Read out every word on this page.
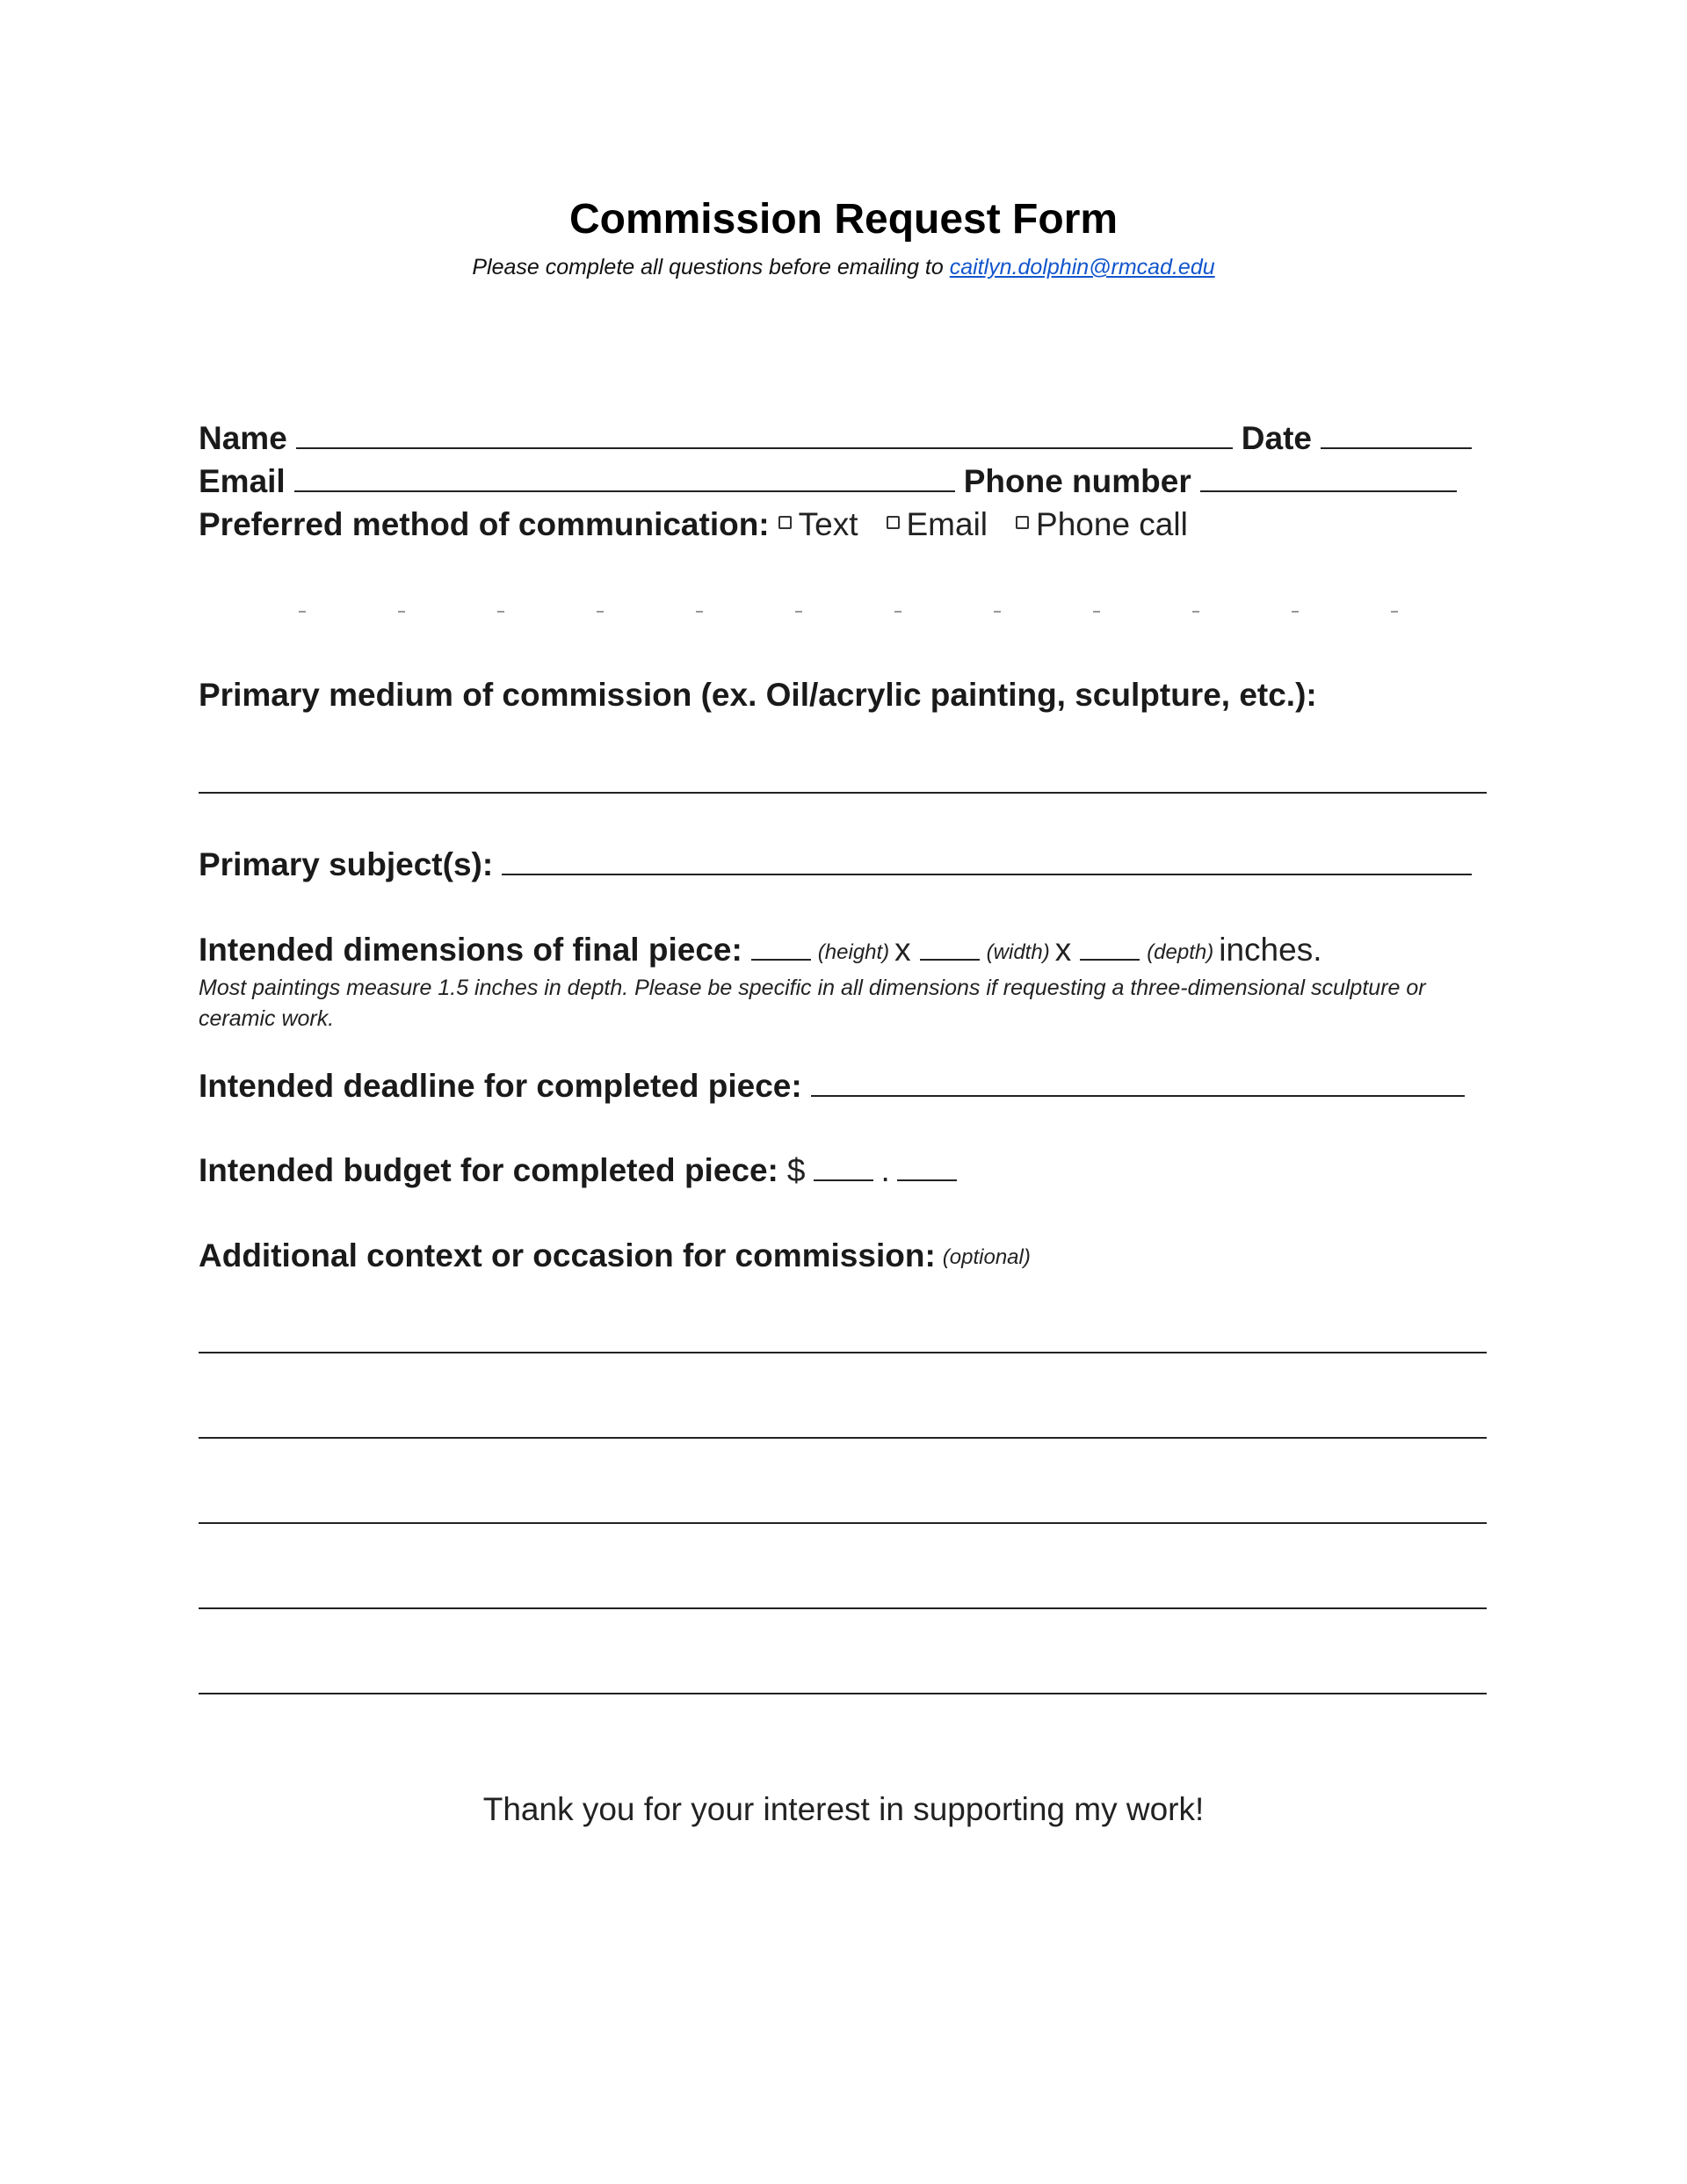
Commission Request Form
Please complete all questions before emailing to caitlyn.dolphin@rmcad.edu
Name	Date
Email	Phone number
Preferred method of communication: Text Email Phone call
Primary medium of commission (ex. Oil/acrylic painting, sculpture, etc.):
Primary subject(s):
Intended dimensions of final piece:	(height) x	(width) x	(depth) inches.
Most paintings measure 1.5 inches in depth. Please be specific in all dimensions if requesting a three-dimensional sculpture or ceramic work.
Intended deadline for completed piece:
Intended budget for completed piece: $ .
Additional context or occasion for commission: (optional)
Thank you for your interest in supporting my work!
